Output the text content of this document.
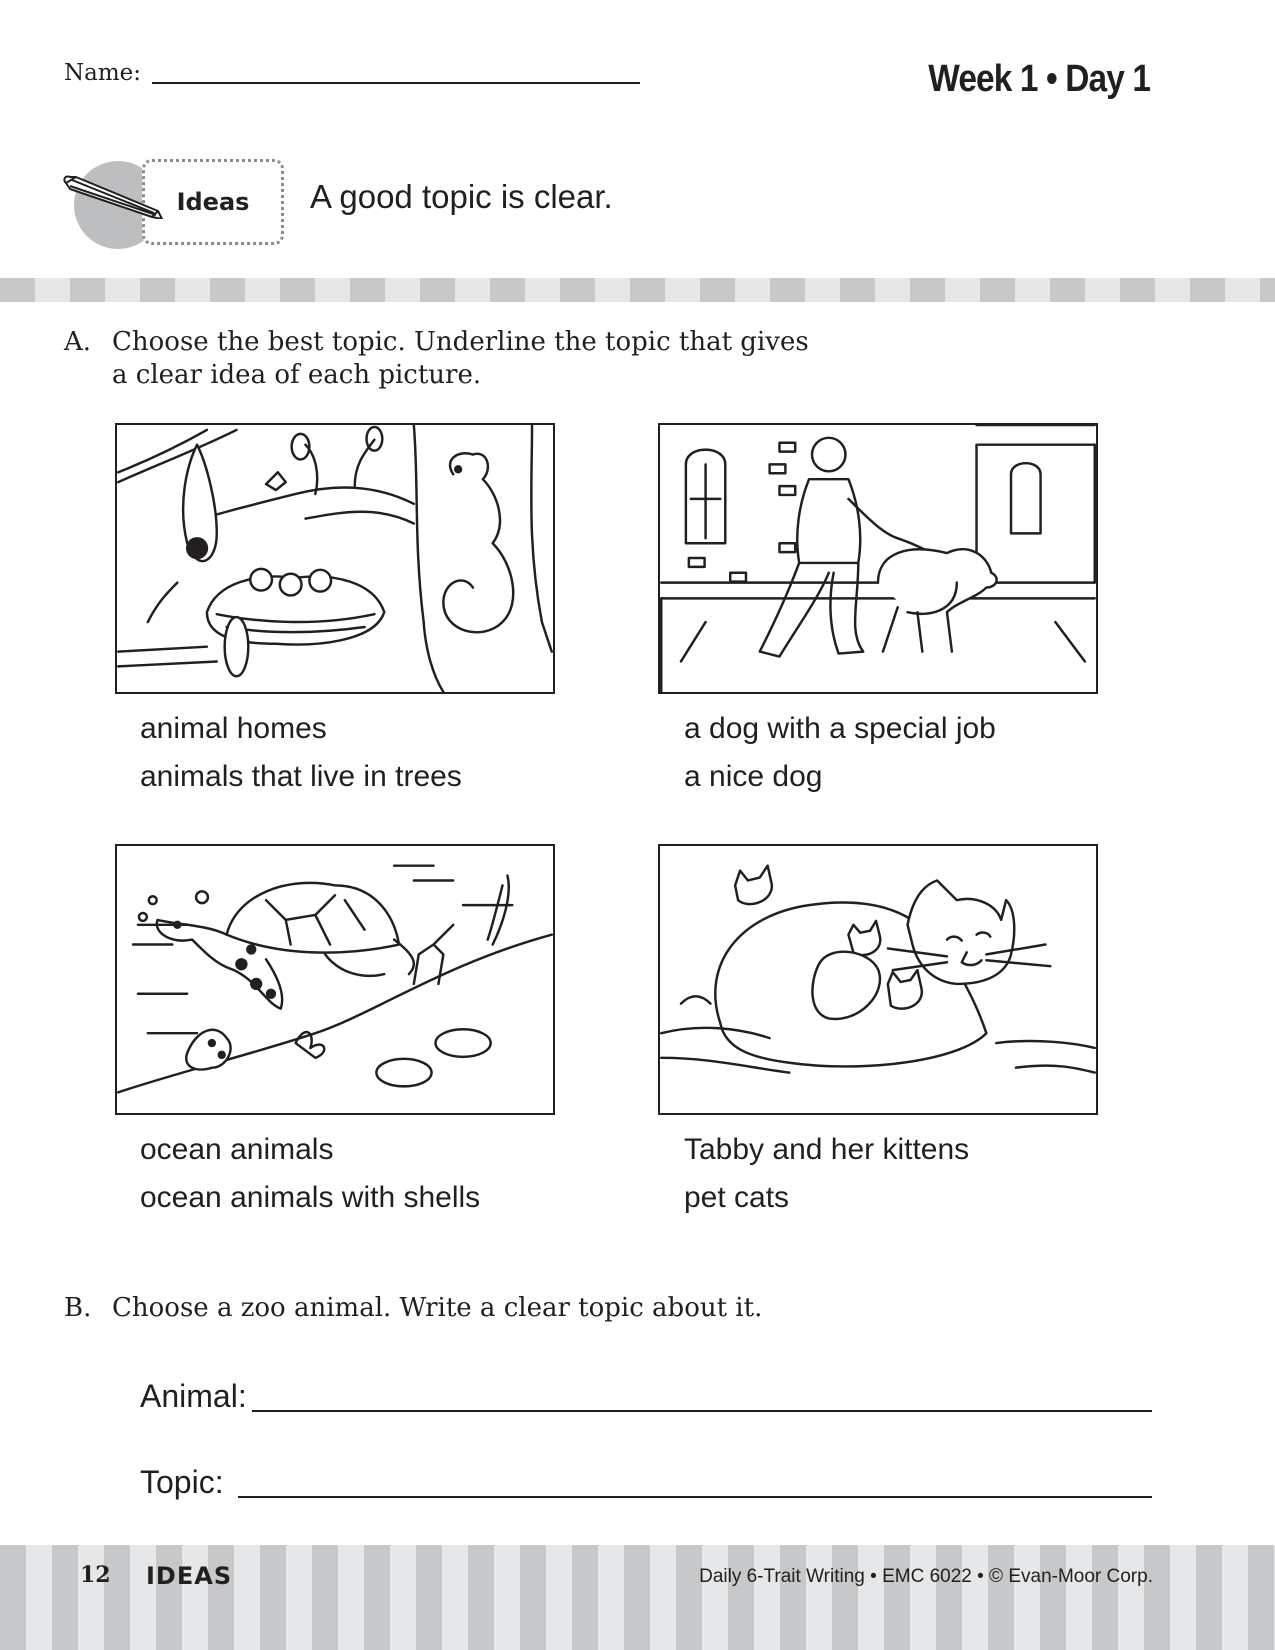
Name:	Week 1 • Day 1
Ideas	A good topic is clear.
A. Choose the best topic. Underline the topic that gives
a clear idea of each picture.
animal homes
animals that live in trees
a dog with a special job
a nice dog
ocean animals
ocean animals with shells
Tabby and her kittens
pet cats
B. Choose a zoo animal. Write a clear topic about it.
Animal:
Topic:
12 IDEAS	Daily 6-Trait Writing • EMC 6022 • © Evan-Moor Corp.
